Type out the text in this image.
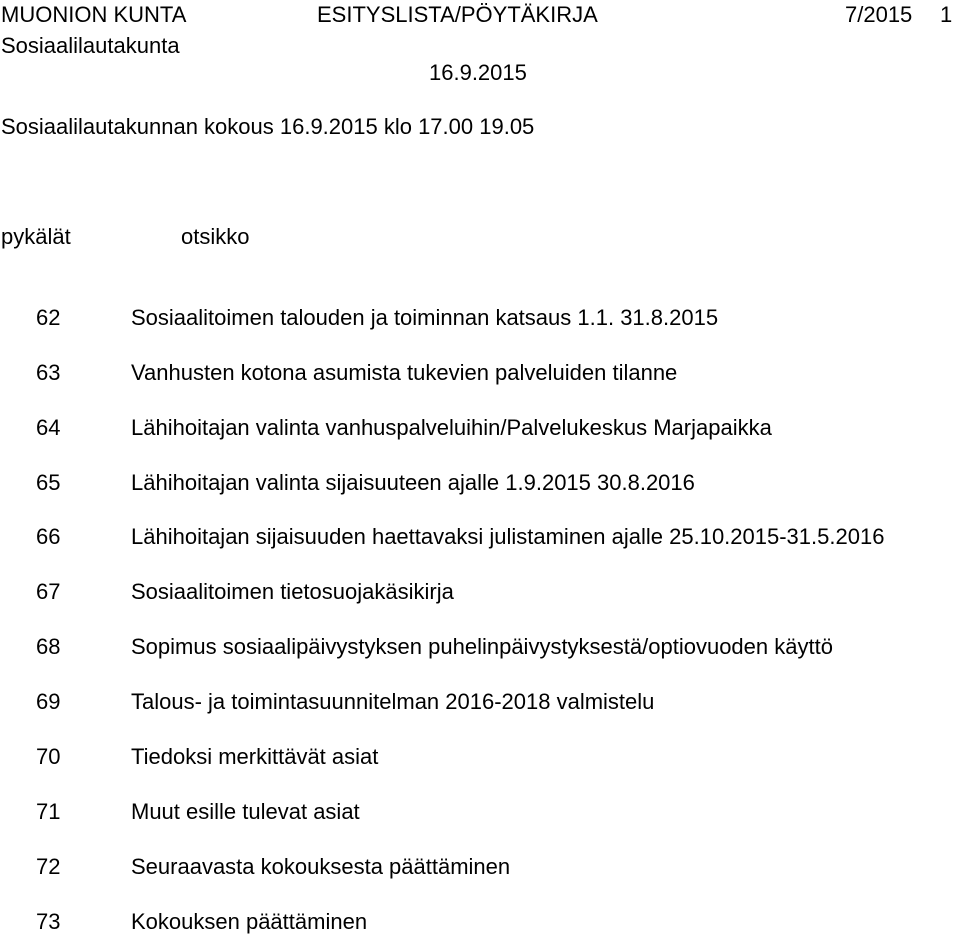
MUONION KUNTA	ESITYSLISTA/PÖYTÄKIRJA	7/2015 1
Sosiaalilautakunta
16.9.2015
Sosiaalilautakunnan kokous 16.9.2015 klo 17.00 19.05
pykälät	otsikko
62	Sosiaalitoimen talouden ja toiminnan katsaus 1.1. 31.8.2015
63	Vanhusten kotona asumista tukevien palveluiden tilanne
64	Lähihoitajan valinta vanhuspalveluihin/Palvelukeskus Marjapaikka
65	Lähihoitajan valinta sijaisuuteen ajalle 1.9.2015 30.8.2016
66	Lähihoitajan sijaisuuden haettavaksi julistaminen ajalle 25.10.2015-31.5.2016
67	Sosiaalitoimen tietosuojakäsikirja
68	Sopimus sosiaalipäivystyksen puhelinpäivystyksestä/optiovuoden käyttö
69	Talous- ja toimintasuunnitelman 2016-2018 valmistelu
70	Tiedoksi merkittävät asiat
71	Muut esille tulevat asiat
72	Seuraavasta kokouksesta päättäminen
73	Kokouksen päättäminen
